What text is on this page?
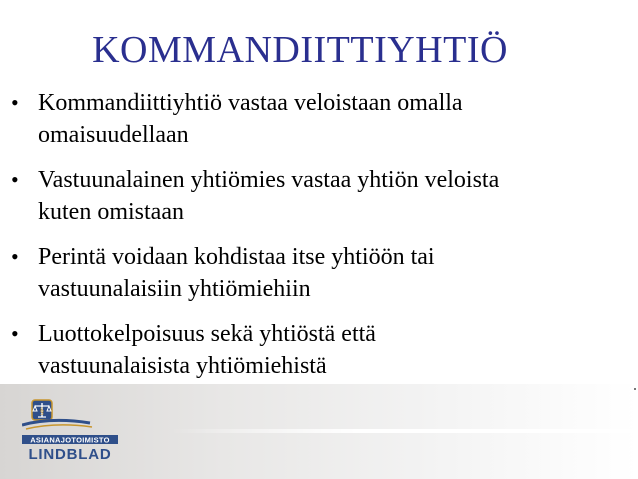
KOMMANDIITTIYHTIÖ
• Kommandiittiyhtiö vastaa veloistaan omalla
omaisuudellaan
• Vastuunalainen yhtiömies vastaa yhtiön veloista
kuten omistaan
• Perintä voidaan kohdistaa itse yhtiöön tai
vastuunalaisiin yhtiömiehiin
• Luottokelpoisuus sekä yhtiöstä että
vastuunalaisista yhtiömiehistä
§
ASIANAJOTOIMISTO
LINDBLAD
